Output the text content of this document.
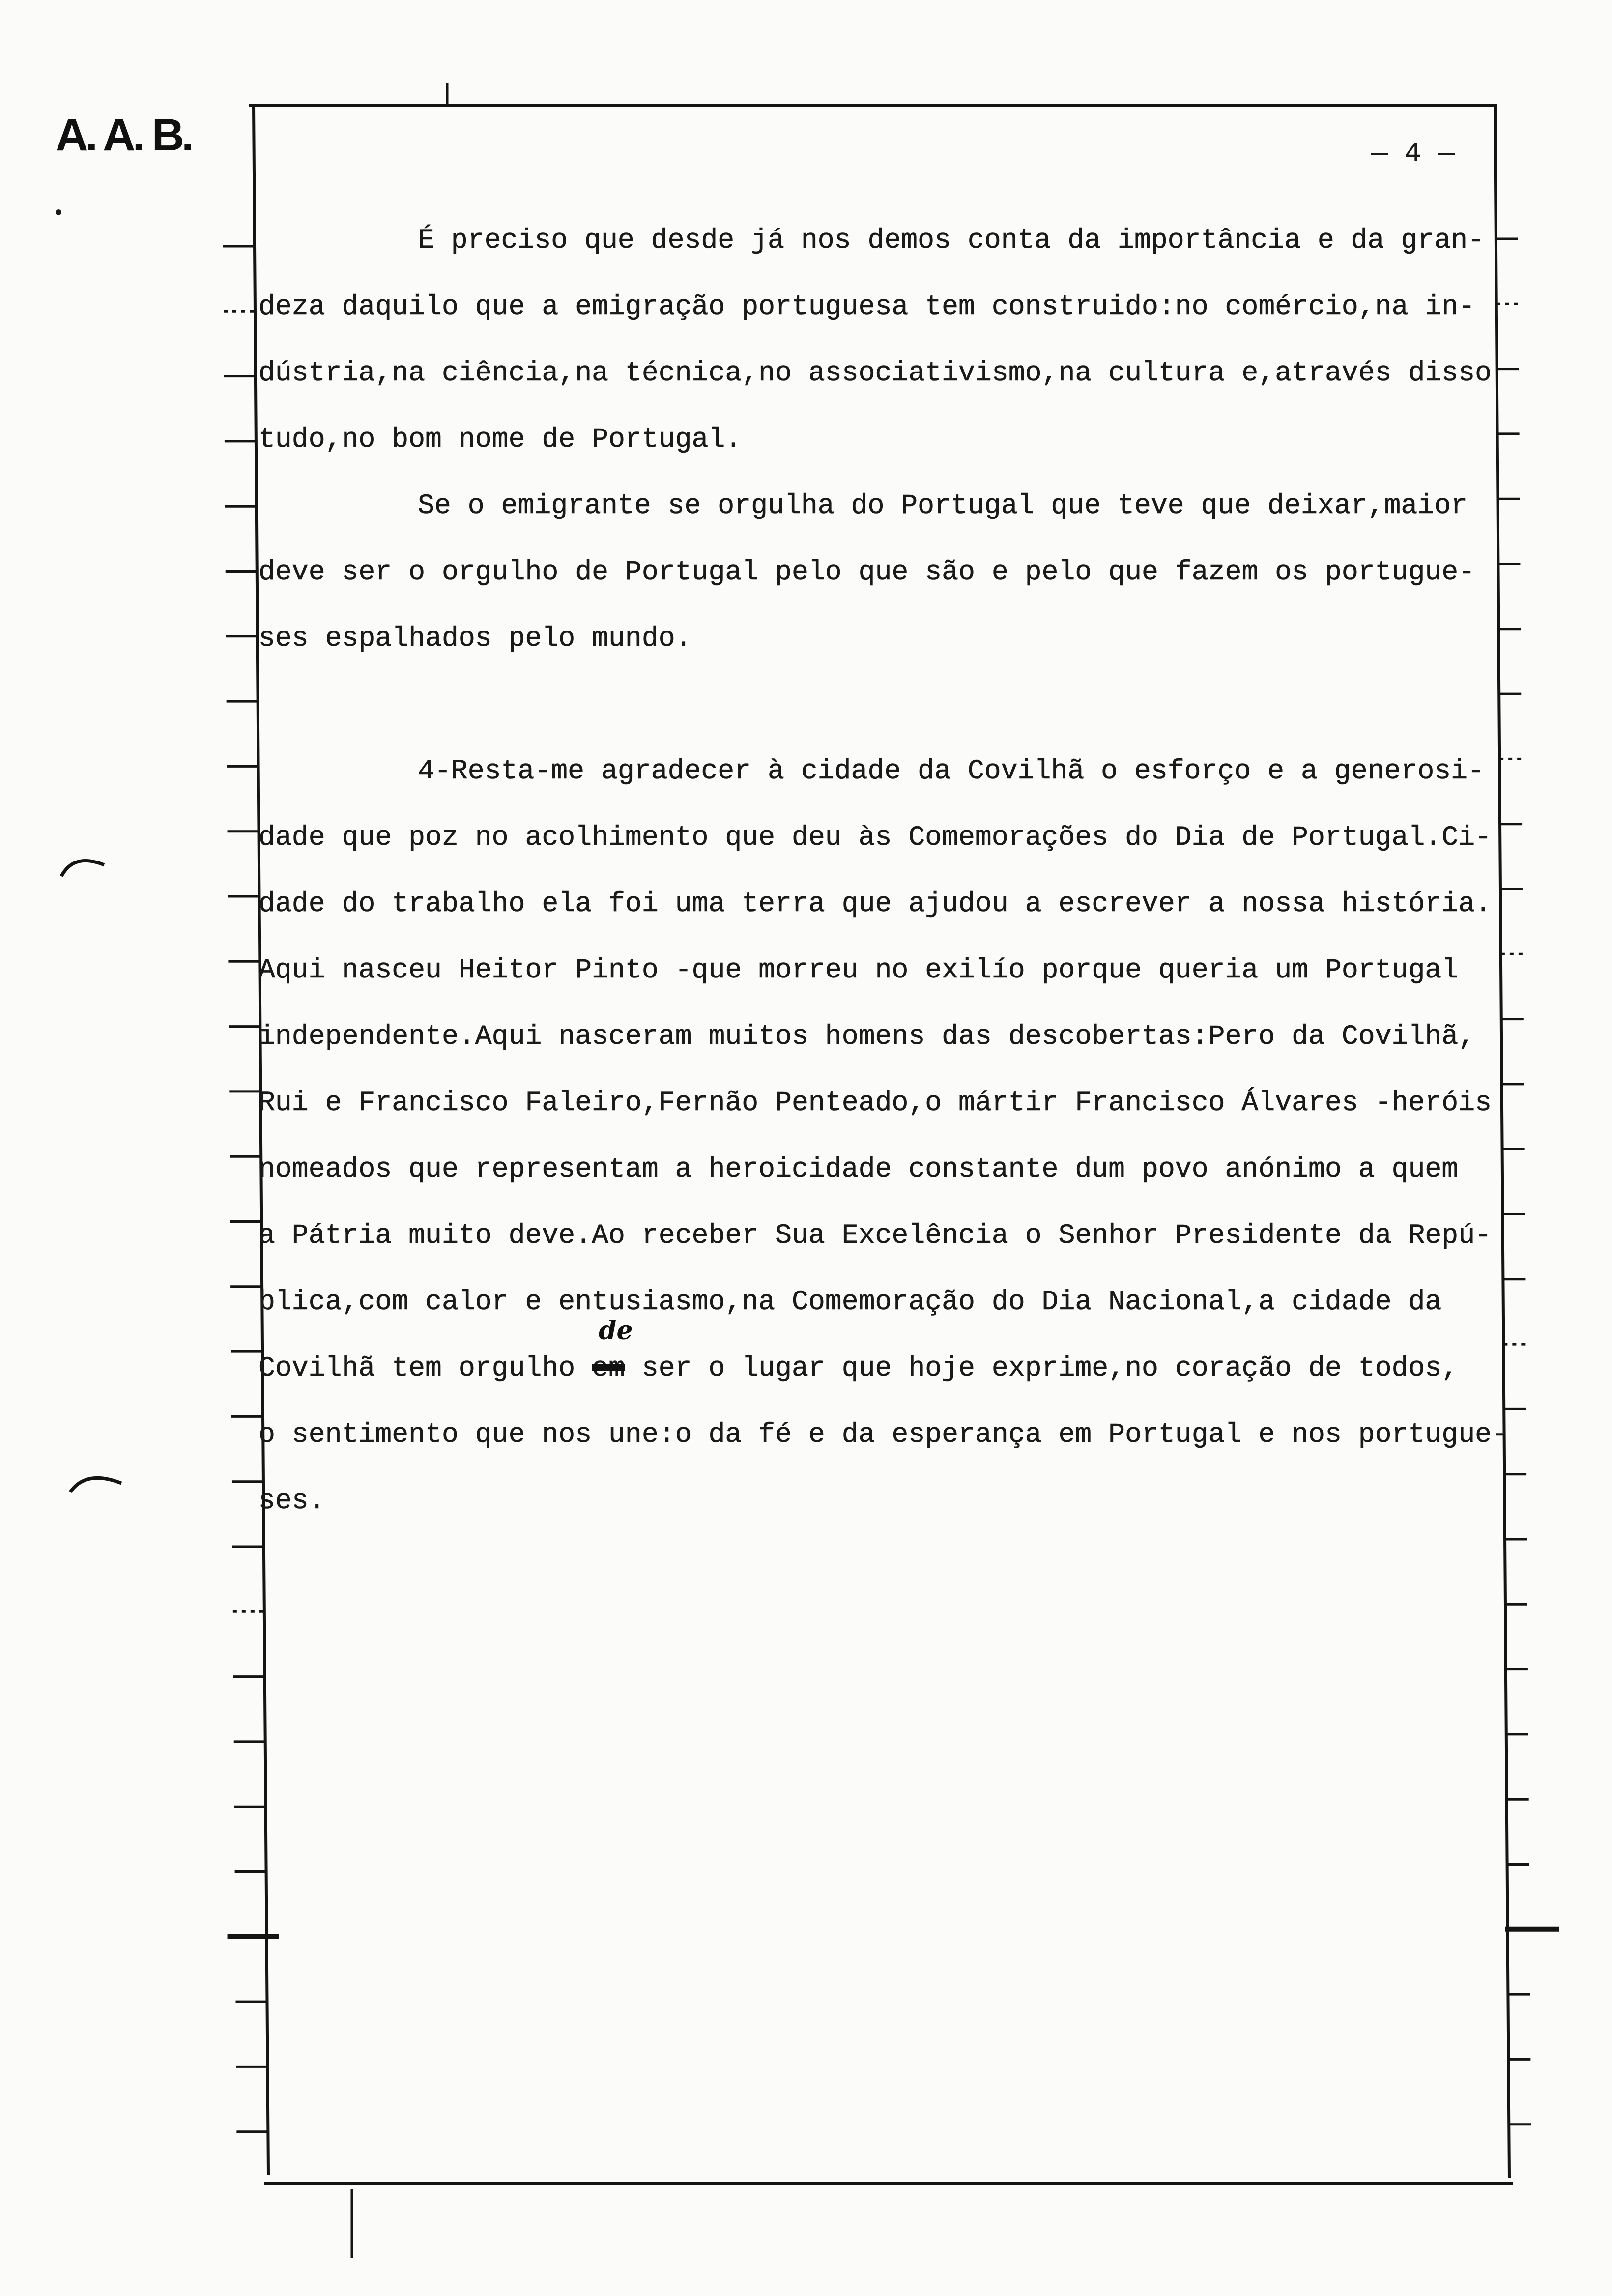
A. A. B.	— 4 —
É preciso que desde já nos demos conta da importância e da gran-
deza daquilo que a emigração portuguesa tem construido:no comércio,na in-
dústria,na ciência,na técnica,no associativismo,na cultura e,através disso
tudo,no bom nome de Portugal.
Se o emigrante se orgulha do Portugal que teve que deixar,maior
deve ser o orgulho de Portugal pelo que são e pelo que fazem os portugue-
ses espalhados pelo mundo.
4-Resta-me agradecer à cidade da Covilhã o esforço e a generosi-
dade que poz no acolhimento que deu às Comemorações do Dia de Portugal.Ci-
dade do trabalho ela foi uma terra que ajudou a escrever a nossa história.
Aqui nasceu Heitor Pinto -que morreu no exilío porque queria um Portugal
independente.Aqui nasceram muitos homens das descobertas:Pero da Covilhã,
Rui e Francisco Faleiro,Fernão Penteado,o mártir Francisco Álvares -heróis
nomeados que representam a heroicidade constante dum povo anónimo a quem
a Pátria muito deve.Ao receber Sua Excelência o Senhor Presidente da Repú-
blica,com calor e entusiasmo,na Comemoração do Dia Nacional,a cidade da
Covilhã tem orgulho em
de
ser o lugar que hoje exprime,no coração de todos,
o sentimento que nos une:o da fé e da esperança em Portugal e nos portugue-
ses.
